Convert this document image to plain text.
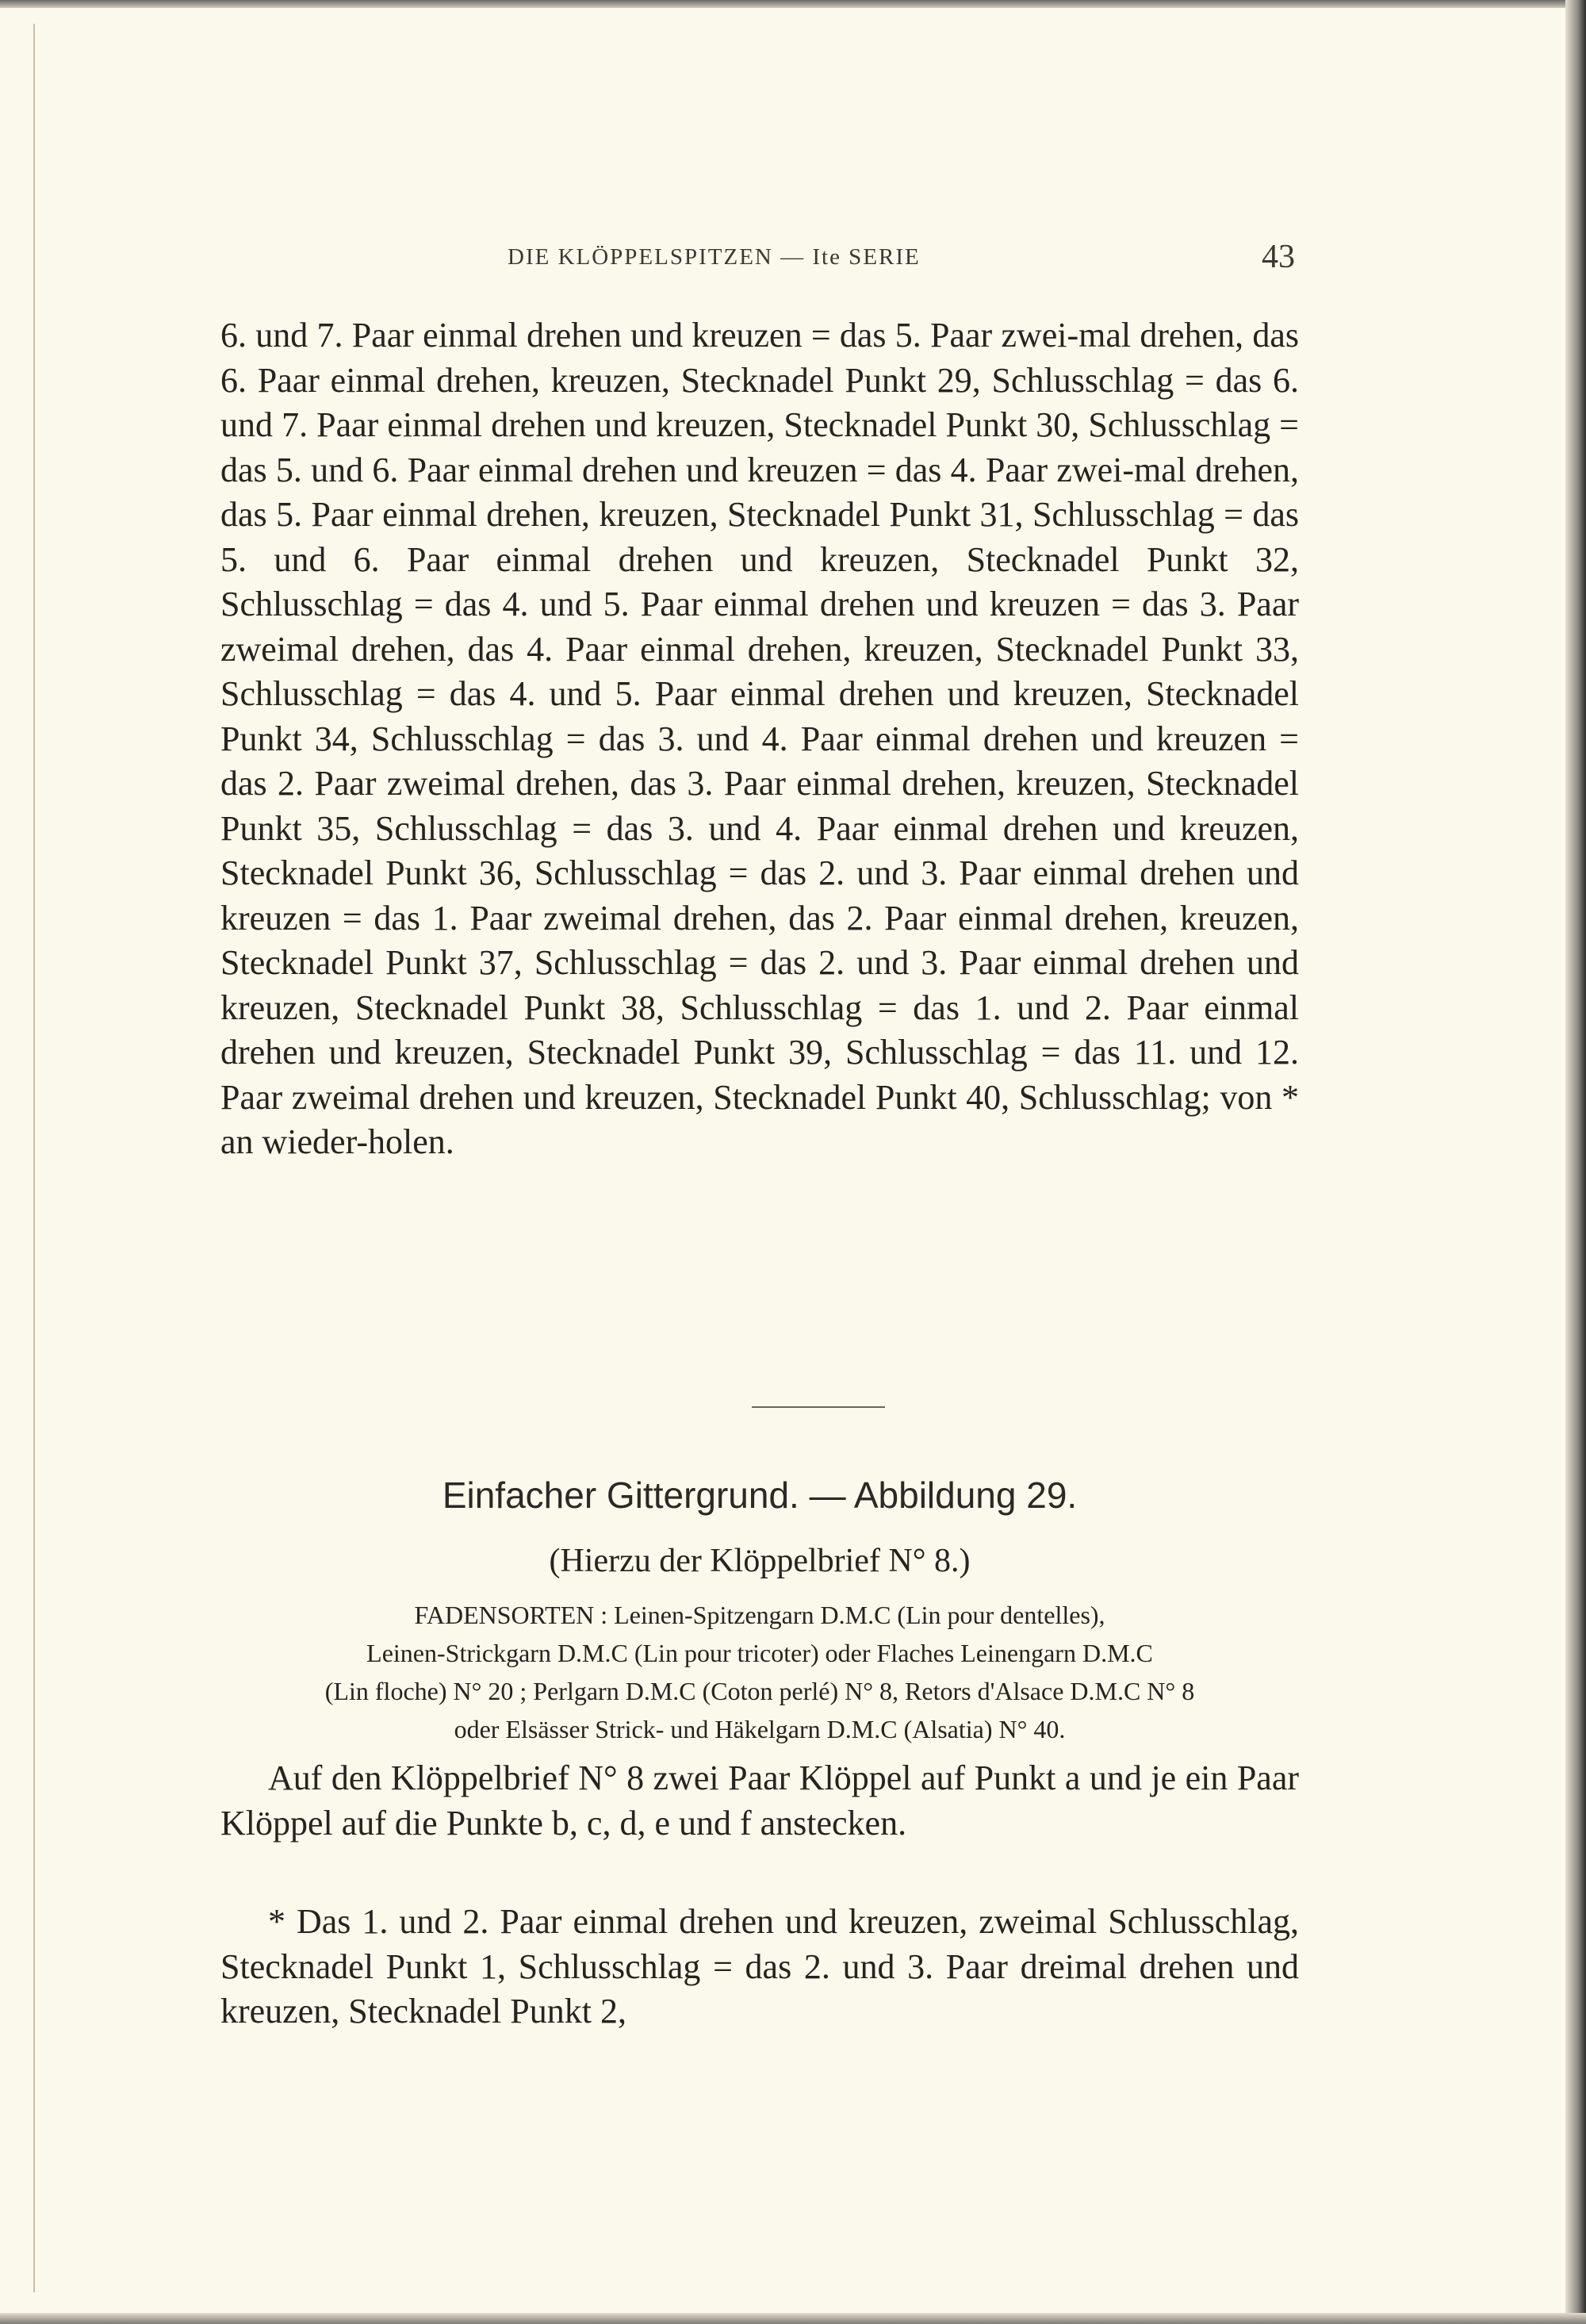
DIE KLÖPPELSPITZEN — Ite SERIE	43

6. und 7. Paar einmal drehen und kreuzen = das 5. Paar zwei-mal drehen, das 6. Paar einmal drehen, kreuzen, Stecknadel Punkt 29, Schlusschlag = das 6. und 7. Paar einmal drehen und kreuzen, Stecknadel Punkt 30, Schlusschlag = das 5. und 6. Paar einmal drehen und kreuzen = das 4. Paar zwei-mal drehen, das 5. Paar einmal drehen, kreuzen, Stecknadel Punkt 31, Schlusschlag = das 5. und 6. Paar einmal drehen und kreuzen, Stecknadel Punkt 32, Schlusschlag = das 4. und 5. Paar einmal drehen und kreuzen = das 3. Paar zweimal drehen, das 4. Paar einmal drehen, kreuzen, Stecknadel Punkt 33, Schlusschlag = das 4. und 5. Paar einmal drehen und kreuzen, Stecknadel Punkt 34, Schlusschlag = das 3. und 4. Paar einmal drehen und kreuzen = das 2. Paar zweimal drehen, das 3. Paar einmal drehen, kreuzen, Stecknadel Punkt 35, Schlusschlag = das 3. und 4. Paar einmal drehen und kreuzen, Stecknadel Punkt 36, Schlusschlag = das 2. und 3. Paar einmal drehen und kreuzen = das 1. Paar zweimal drehen, das 2. Paar einmal drehen, kreuzen, Stecknadel Punkt 37, Schlusschlag = das 2. und 3. Paar einmal drehen und kreuzen, Stecknadel Punkt 38, Schlusschlag = das 1. und 2. Paar einmal drehen und kreuzen, Stecknadel Punkt 39, Schlusschlag = das 11. und 12. Paar zweimal drehen und kreuzen, Stecknadel Punkt 40, Schlusschlag; von * an wieder-holen.

Einfacher Gittergrund. — Abbildung 29.
(Hierzu der Klöppelbrief N° 8.)

FADENSORTEN : Leinen-Spitzengarn D.M.C (Lin pour dentelles),

Leinen-Strickgarn D.M.C (Lin pour tricoter) oder Flaches Leinengarn D.M.C

(Lin floche) N° 20 ; Perlgarn D.M.C (Coton perlé) N° 8, Retors d'Alsace D.M.C N° 8

oder Elsässer Strick- und Häkelgarn D.M.C (Alsatia) N° 40.

Auf den Klöppelbrief N° 8 zwei Paar Klöppel auf Punkt a und je ein Paar Klöppel auf die Punkte b, c, d, e und f anstecken.

* Das 1. und 2. Paar einmal drehen und kreuzen, zweimal Schlusschlag, Stecknadel Punkt 1, Schlusschlag = das 2. und 3. Paar dreimal drehen und kreuzen, Stecknadel Punkt 2,
